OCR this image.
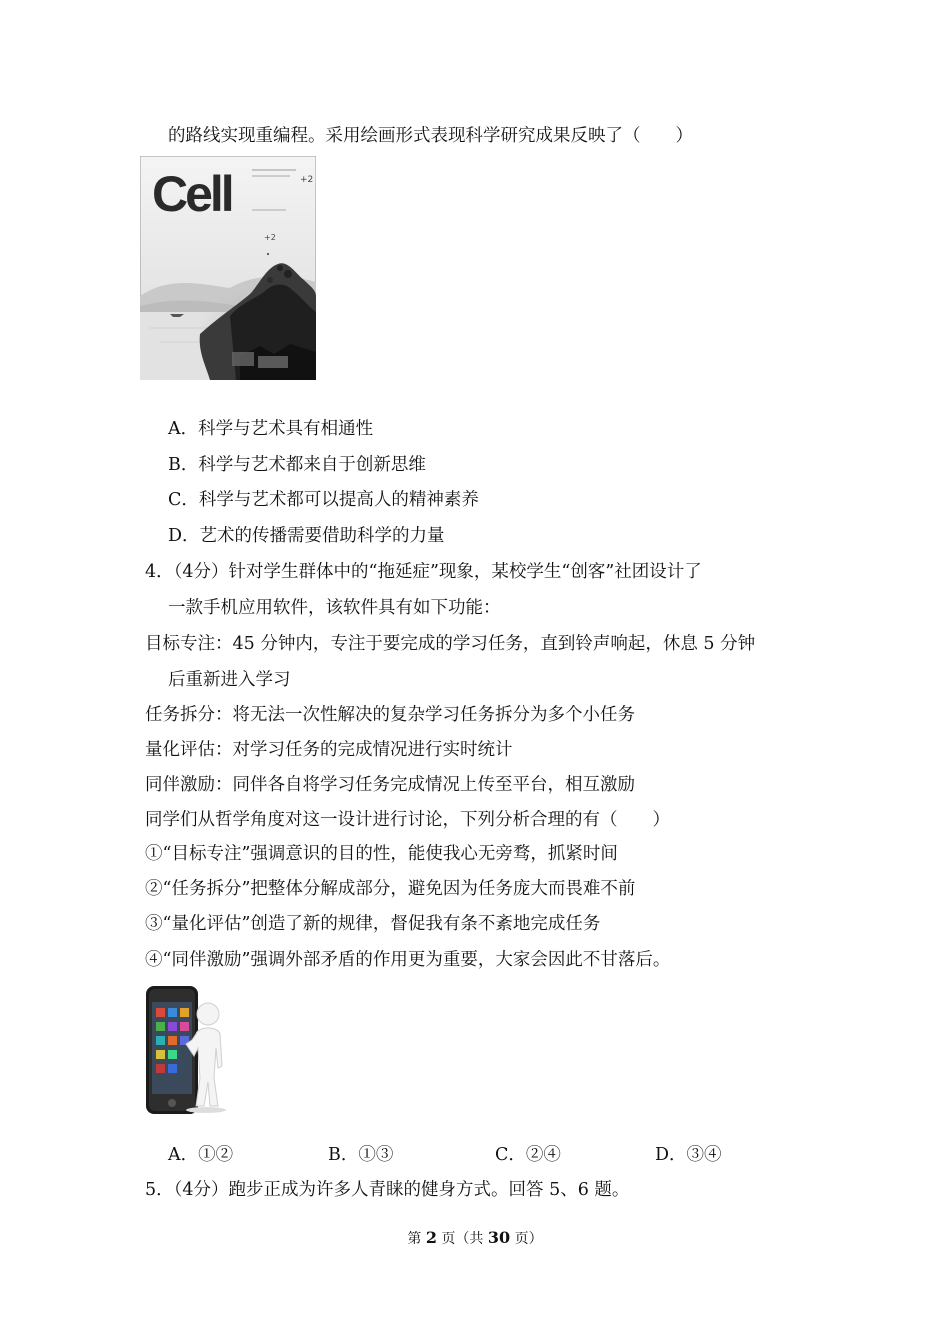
的路线实现重编程。采用绘画形式表现科学研究成果反映了（　　）
Cell	+2
+2
A．科学与艺术具有相通性
B．科学与艺术都来自于创新思维
C．科学与艺术都可以提高人的精神素养
D．艺术的传播需要借助科学的力量
4．（4分）针对学生群体中的“拖延症”现象，某校学生“创客”社团设计了
一款手机应用软件，该软件具有如下功能：
目标专注：45 分钟内，专注于要完成的学习任务，直到铃声响起，休息 5 分钟
后重新进入学习
任务拆分：将无法一次性解决的复杂学习任务拆分为多个小任务
量化评估：对学习任务的完成情况进行实时统计
同伴激励：同伴各自将学习任务完成情况上传至平台，相互激励
同学们从哲学角度对这一设计进行讨论，下列分析合理的有（　　）
①“目标专注”强调意识的目的性，能使我心无旁骛，抓紧时间
②“任务拆分”把整体分解成部分，避免因为任务庞大而畏难不前
③“量化评估”创造了新的规律，督促我有条不紊地完成任务
④“同伴激励”强调外部矛盾的作用更为重要，大家会因此不甘落后。
A．①②	B．①③	C．②④	D．③④
5．（4分）跑步正成为许多人青睐的健身方式。回答 5、6 题。
第 2 页（共 30 页）
